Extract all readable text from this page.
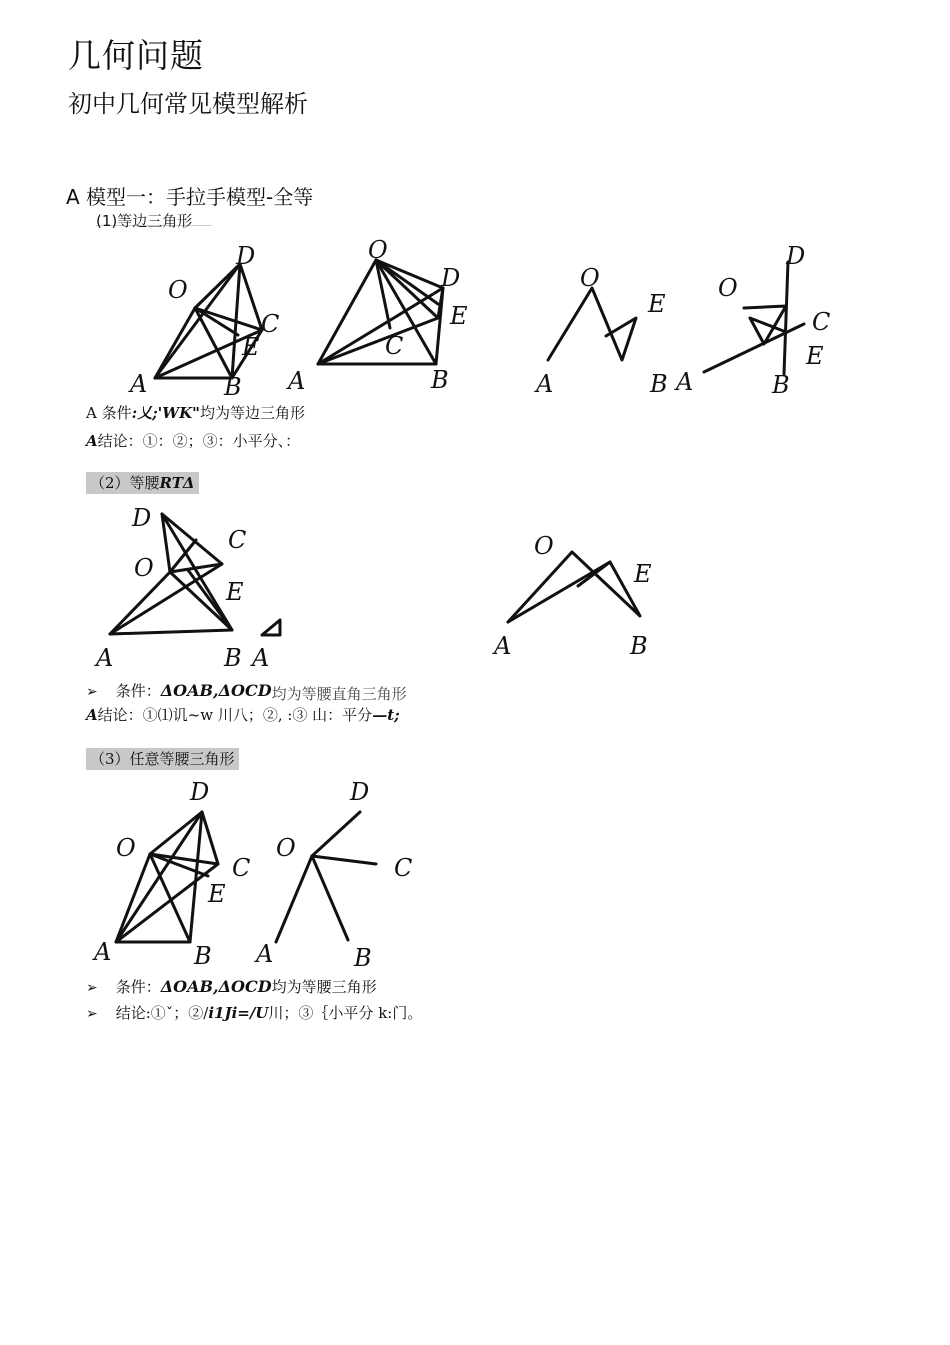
几何问题
初中几何常见模型解析
A 模型一：手拉手模型-全等
(1)等边三角形
O
D
C
E
A	B
O
D
E
C
A	B
O
E
A	B
D
O
C
E
A	B
A 条件:乂;'WK"均为等边三角形
A结论：①：②；③：小平分、：
（2）等腰RTΔ
D
C
O
E
A	B A
O
E
A	B
➢ 条件：ΔOAB,ΔOCD均为等腰直角三角形
A结论：①⑴讥~w 川八；②, :③ 山：平分—t;
（3）任意等腰三角形
D
O
C
E
A	B
D
O
C
A	B
➢ 条件：ΔOAB,ΔOCD均为等腰三角形
➢ 结论:①ˇ；②/i1Ji=/U川；③｛小平分 k:门。
